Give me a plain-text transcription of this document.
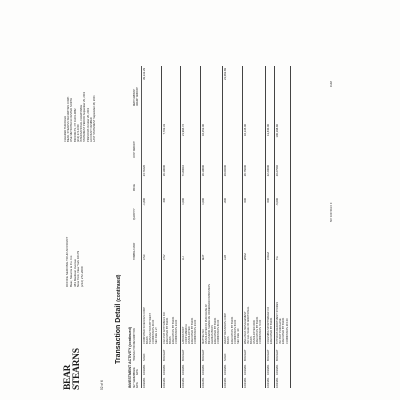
BEAR STEARNS	52 of 6
OFFICE SERVING YOUR ACCOUNT Bear, Stearns & Co. Inc. 383 Madison Avenue New York, New York 10179 (212) 272-2000
CLEARED THROUGH BEAR, STEARNS SECURITIES CORP. ONE METROTECH CENTER NORTH BROOKLYN, NY 11201-3862 (212) 272-1000 INTERNATIONAL CHARITABLE STATEMENT PERIOD September 29, 2001 PREVIOUS October 26, 2001 ACCOUNT NUMBER LAST STATEMENT September 28, 2001
Transaction Detail (continued)
INVESTMENT ACTIVITY (continued) SETTLEMENT DATE
TRADE DATE
TRANSACTION
DESCRIPTION
SYMBOL/CUSIP
QUANTITY
PRICE
COST AMOUNT
DEBIT AMOUNT CREDIT AMOUNT
10/30/01
10/18/01
SOLD
CSC
-1,800
24.74220
39,133.29
COMPUTER SCIENCES CORP BASIS TRANSACTION BY WEST COMMISSION 49.00 SEC FEE 1.27
10/23/01
10/18/01
BOUGHT
CSV
400
16.19000
7,703.33
CAN PUT ANYTHINGS INC EXECUTED BY BUCK BASIS EXECUTION BY BUCK COMMISSION 24.00
10/23/01
10/18/01
BOUGHT
LH
1,000
71.80010
21,994.72
LABORATORY CORP AMERICA UNSOLICITED EXECUTED BY BUCK COMMISSION 24.00
10/22/01
10/18/01
BOUGHT
MAT
1,000
16.19600
16,253.00
MATTEL INC UNSOLICITED 91 PURCHASE AT BR AND/OR SHARE RE ORDERED/COMPASSION LEHMAN BROS EXECUTED BY BUCK COMMISSION 60.00
10/24/01
10/19/01
SOLD
ALB
-800
29.04000
23,063.69
AVERY DENNISON CORP BASIS EXECUTION BY BUCK COMMISSION 64.00 SEC FEE .30
10/24/01
10/19/01
BOUGHT
WSM
600
26.75000
16,135.00
WELLINGS MANAGEMENT INC ALL SALE OF ADDITIONAL BASIS UNSOLICITED ORD EXECUTION BY BUCK COMMISSION 70.00
10/24/01
10/19/01
BOUGHT
COLM
600
22.20000
13,440.00
COLUMBIA SPORTSWEAR CO EXECUTED BY BUCK
10/24/01
10/19/01
BOUGHT
TG
-5,000
20.27540
100,198.80
TOYSRUS DEPARTMENT STORES INC BUY PURCHASE EXECUTED BY BUCK COMMISSION 215.00
507 1007011 0 0
FHM
